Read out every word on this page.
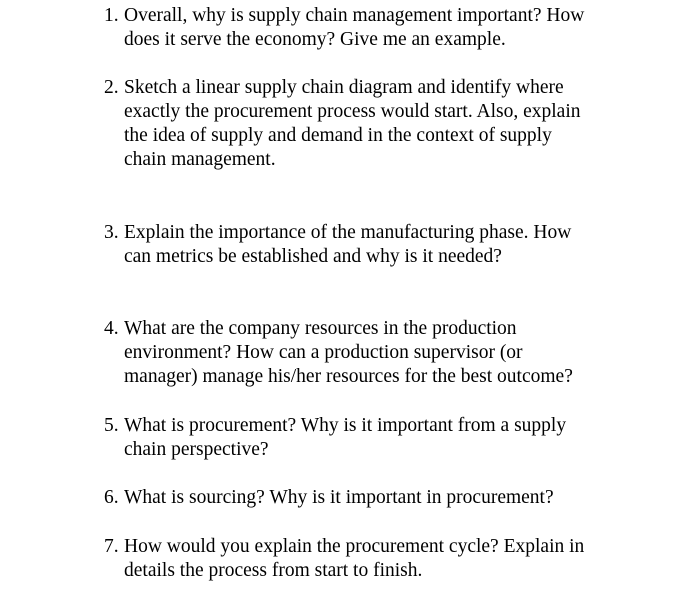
1. Overall, why is supply chain management important? How
does it serve the economy? Give me an example.
2. Sketch a linear supply chain diagram and identify where
exactly the procurement process would start. Also, explain
the idea of supply and demand in the context of supply
chain management.
3. Explain the importance of the manufacturing phase. How
can metrics be established and why is it needed?
4. What are the company resources in the production
environment? How can a production supervisor (or
manager) manage his/her resources for the best outcome?
5. What is procurement? Why is it important from a supply
chain perspective?
6. What is sourcing? Why is it important in procurement?
7. How would you explain the procurement cycle? Explain in
details the process from start to finish.
